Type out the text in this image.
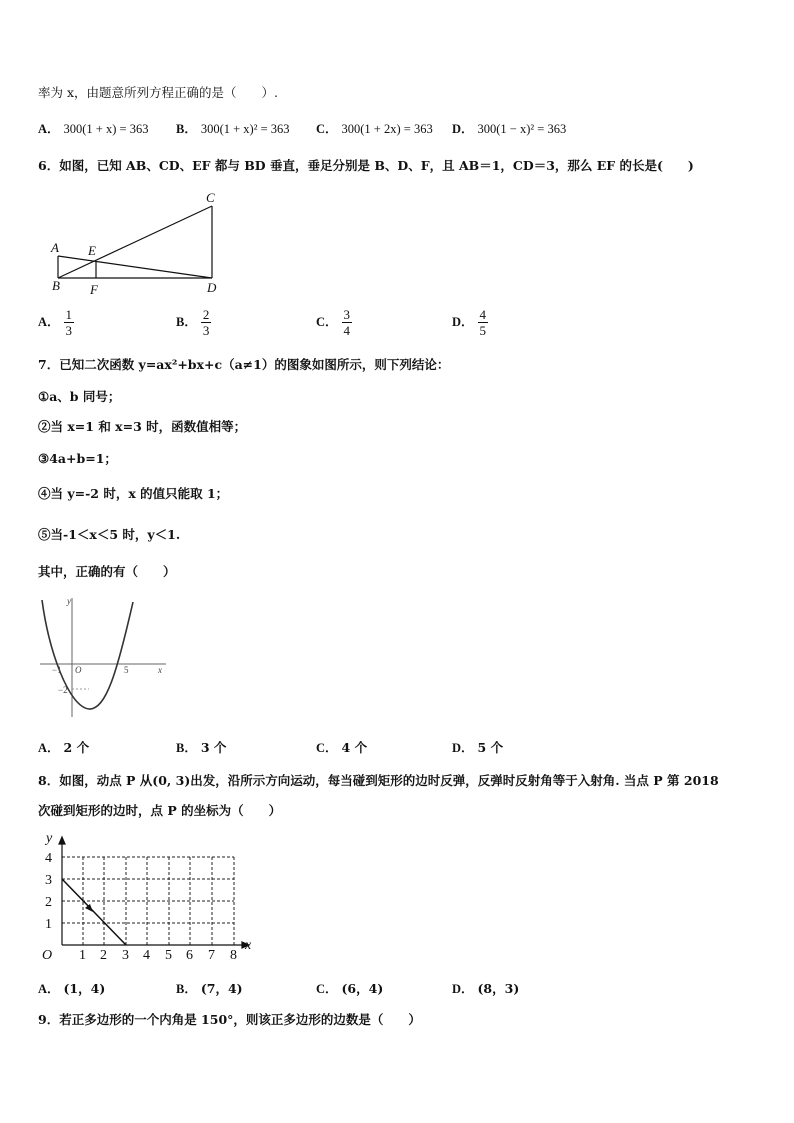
率为 x，由题意所列方程正确的是（　　）.
A． 300(1 + x) = 363 B． 300(1 + x)² = 363 C． 300(1 + 2x) = 363 D． 300(1 − x)² = 363
6．如图，已知 AB、CD、EF 都与 BD 垂直，垂足分别是 B、D、F，且 AB＝1，CD＝3，那么 EF 的长是(　　)
A
B
C
D
E
F
A． $\frac{1}{3}$	B． $\frac{2}{3}$	C． $\frac{3}{4}$	D． $\frac{4}{5}$
7．已知二次函数 y=ax²+bx+c（a≠1）的图象如图所示，则下列结论：
①a、b 同号；
②当 x=1 和 x=3 时，函数值相等；
③4a+b=1；
④当 y=-2 时，x 的值只能取 1；
⑤当-1＜x＜5 时，y＜1.
其中，正确的有（　　）
y
x
O
−1	5
−2
A． 2 个	B． 3 个	C． 4 个	D． 5 个
8．如图，动点 P 从(0, 3)出发，沿所示方向运动，每当碰到矩形的边时反弹，反弹时反射角等于入射角. 当点 P 第 2018
次碰到矩形的边时，点 P 的坐标为（　　）
y
x
O
4
3
2
1
1 2 3 4 5 6 7 8
A． (1，4)	B． (7，4)	C． (6，4)	D． (8，3)
9．若正多边形的一个内角是 150°，则该正多边形的边数是（　　）
